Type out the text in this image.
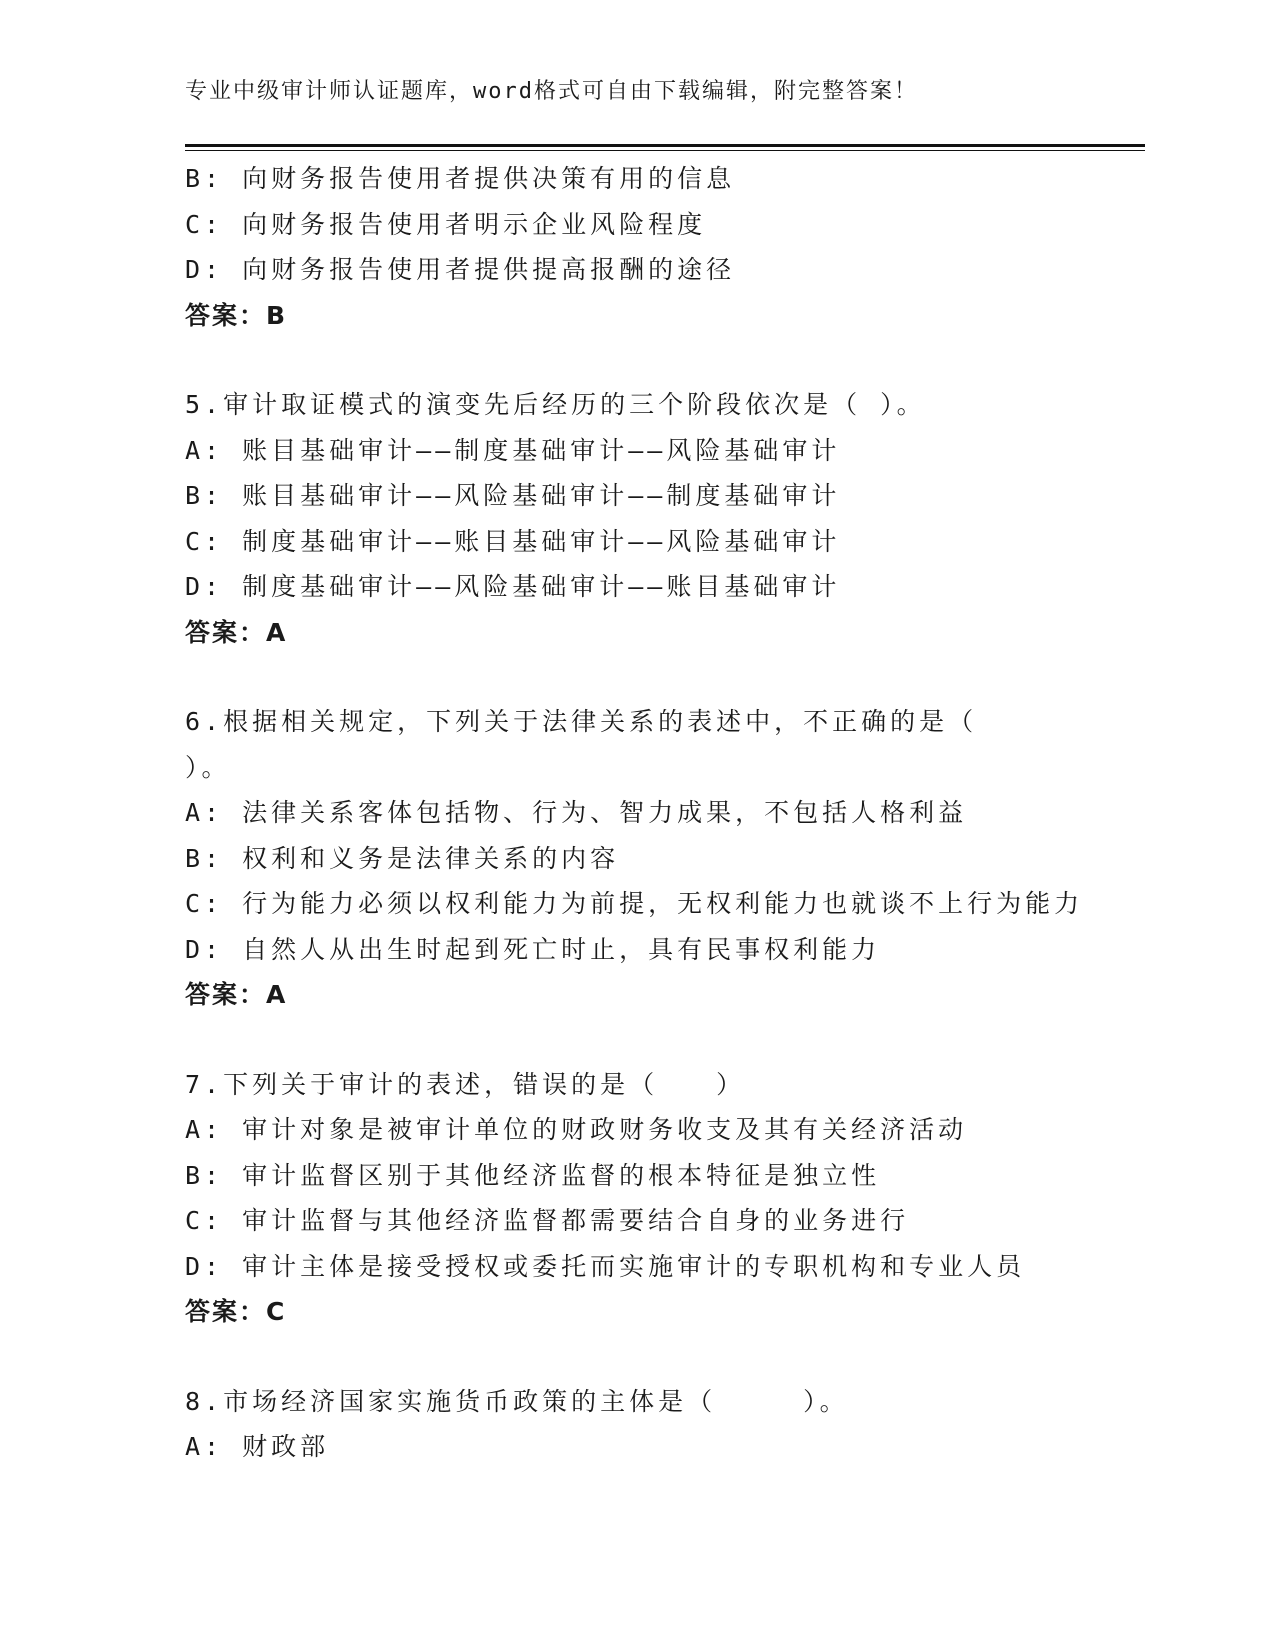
专业中级审计师认证题库，word格式可自由下载编辑，附完整答案！
B: 向财务报告使用者提供决策有用的信息
C: 向财务报告使用者明示企业风险程度
D: 向财务报告使用者提供提高报酬的途径
答案：B
5.审计取证模式的演变先后经历的三个阶段依次是（ ）。
A: 账目基础审计——制度基础审计——风险基础审计
B: 账目基础审计——风险基础审计——制度基础审计
C: 制度基础审计——账目基础审计——风险基础审计
D: 制度基础审计——风险基础审计——账目基础审计
答案：A
6.根据相关规定，下列关于法律关系的表述中，不正确的是（
）。
A: 法律关系客体包括物、行为、智力成果，不包括人格利益
B: 权利和义务是法律关系的内容
C: 行为能力必须以权利能力为前提，无权利能力也就谈不上行为能力
D: 自然人从出生时起到死亡时止，具有民事权利能力
答案：A
7.下列关于审计的表述，错误的是（　　）
A: 审计对象是被审计单位的财政财务收支及其有关经济活动
B: 审计监督区别于其他经济监督的根本特征是独立性
C: 审计监督与其他经济监督都需要结合自身的业务进行
D: 审计主体是接受授权或委托而实施审计的专职机构和专业人员
答案：C
8.市场经济国家实施货币政策的主体是（　　　）。
A: 财政部
